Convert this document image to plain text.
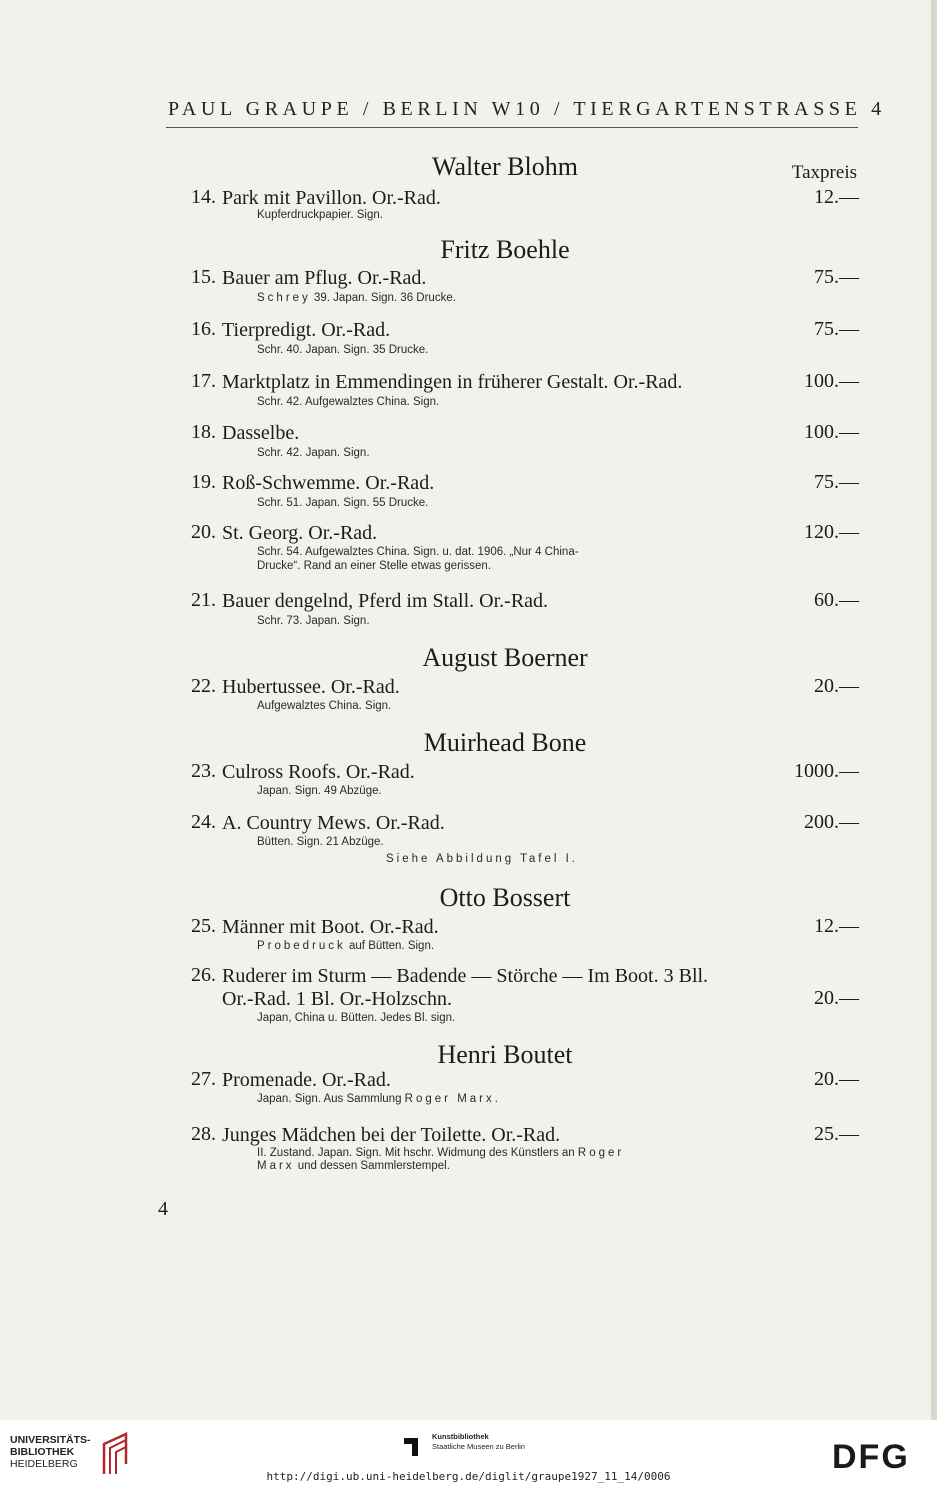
PAUL GRAUPE / BERLIN W10 / TIERGARTENSTRASSE 4
Taxpreis
Walter Blohm
14. Park mit Pavillon. Or.-Rad.	12.—
Kupferdruckpapier. Sign.
Fritz Boehle
15. Bauer am Pflug. Or.-Rad.	75.—
Schrey 39. Japan. Sign. 36 Drucke.
16. Tierpredigt. Or.-Rad.	75.—
Schr. 40. Japan. Sign. 35 Drucke.
17. Marktplatz in Emmendingen in früherer Gestalt. Or.-Rad.	100.—
Schr. 42. Aufgewalztes China. Sign.
18. Dasselbe.	100.—
Schr. 42. Japan. Sign.
19. Roß-Schwemme. Or.-Rad.	75.—
Schr. 51. Japan. Sign. 55 Drucke.
20. St. Georg. Or.-Rad.	120.—
Schr. 54. Aufgewalztes China. Sign. u. dat. 1906. „Nur 4 China-
Drucke“. Rand an einer Stelle etwas gerissen.
21. Bauer dengelnd, Pferd im Stall. Or.-Rad.	60.—
Schr. 73. Japan. Sign.
August Boerner
22. Hubertussee. Or.-Rad.	20.—
Aufgewalztes China. Sign.
Muirhead Bone
23. Culross Roofs. Or.-Rad.	1000.—
Japan. Sign. 49 Abzüge.
24. A. Country Mews. Or.-Rad.	200.—
Bütten. Sign. 21 Abzüge.
Siehe Abbildung Tafel I.
Otto Bossert
25. Männer mit Boot. Or.-Rad.	12.—
Probedruck auf Bütten. Sign.
26. Ruderer im Sturm — Badende — Störche — Im Boot. 3 Bll.
Or.-Rad. 1 Bl. Or.-Holzschn.	20.—
Japan, China u. Bütten. Jedes Bl. sign.
Henri Boutet
27. Promenade. Or.-Rad.	20.—
Japan. Sign. Aus Sammlung Roger Marx.
28. Junges Mädchen bei der Toilette. Or.-Rad.	25.—
II. Zustand. Japan. Sign. Mit hschr. Widmung des Künstlers an Roger
Marx und dessen Sammlerstempel.
4
UNIVERSITÄTS-
BIBLIOTHEK
HEIDELBERG
Kunstbibliothek
Staatliche Museen zu Berlin	DFG
http://digi.ub.uni-heidelberg.de/diglit/graupe1927_11_14/0006
